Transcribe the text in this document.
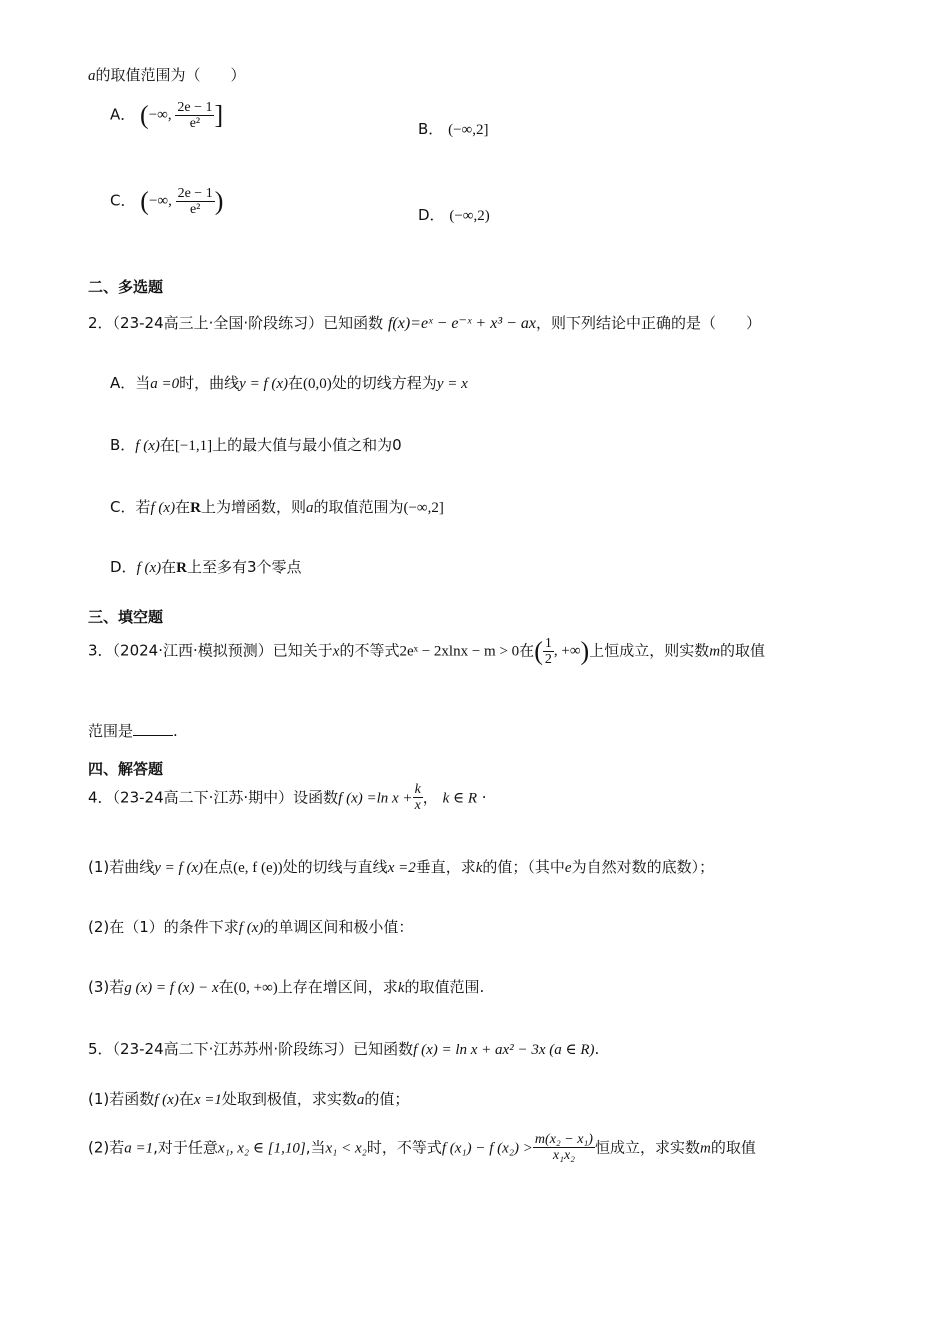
a的取值范围为（　　）
A． (−∞, $\frac{2e - 1}{\text{e²}}$ ]	B． (−∞,2]
C． (−∞, $\frac{2e - 1}{\text{e²}}$ )	D． (−∞,2)
二、多选题
2．（23-24高三上·全国·阶段练习）已知函数 f(x)=eˣ − e⁻ˣ + x³ − ax，则下列结论中正确的是（　　）
A．当a =0时，曲线y = f (x)在(0,0)处的切线方程为y = x
B．f (x)在[−1,1]上的最大值与最小值之和为0
C．若f (x)在R上为增函数，则a的取值范围为(−∞,2]
D．f (x)在R上至多有3个零点
三、填空题
3．（2024·江西·模拟预测）已知关于x的不等式2eˣ − 2xlnx − m > 0在( $\frac{1}{2}$ , +∞)上恒成立，则实数m的取值
范围是	.
四、解答题
4．（23-24高二下·江苏·期中）设函数f (x) =ln $x + \frac{k}{x}$ ， k ∈ R ·
(1)若曲线y = f (x)在点(e, f (e))处的切线与直线x =2垂直，求k的值；（其中e为自然对数的底数）；
(2)在（1）的条件下求f (x)的单调区间和极小值：
(3)若g (x) = f (x) − x在(0, +∞)上存在增区间，求k的取值范围.
5．（23-24高二下·江苏苏州·阶段练习）已知函数f (x) = ln x + ax² − 3x (a ∈ R).
(1)若函数f (x)在x =1处取到极值，求实数a的值；
(2)若a =1,对于任意x₁, x₂ ∈ [1,10],当x₁ < x₂时，不等式f (x₁) − f $(x_2) > \frac{\text{m(x₂ − x₁)}}{\text{x₁x₂}}$ 恒成立，求实数m的取值
